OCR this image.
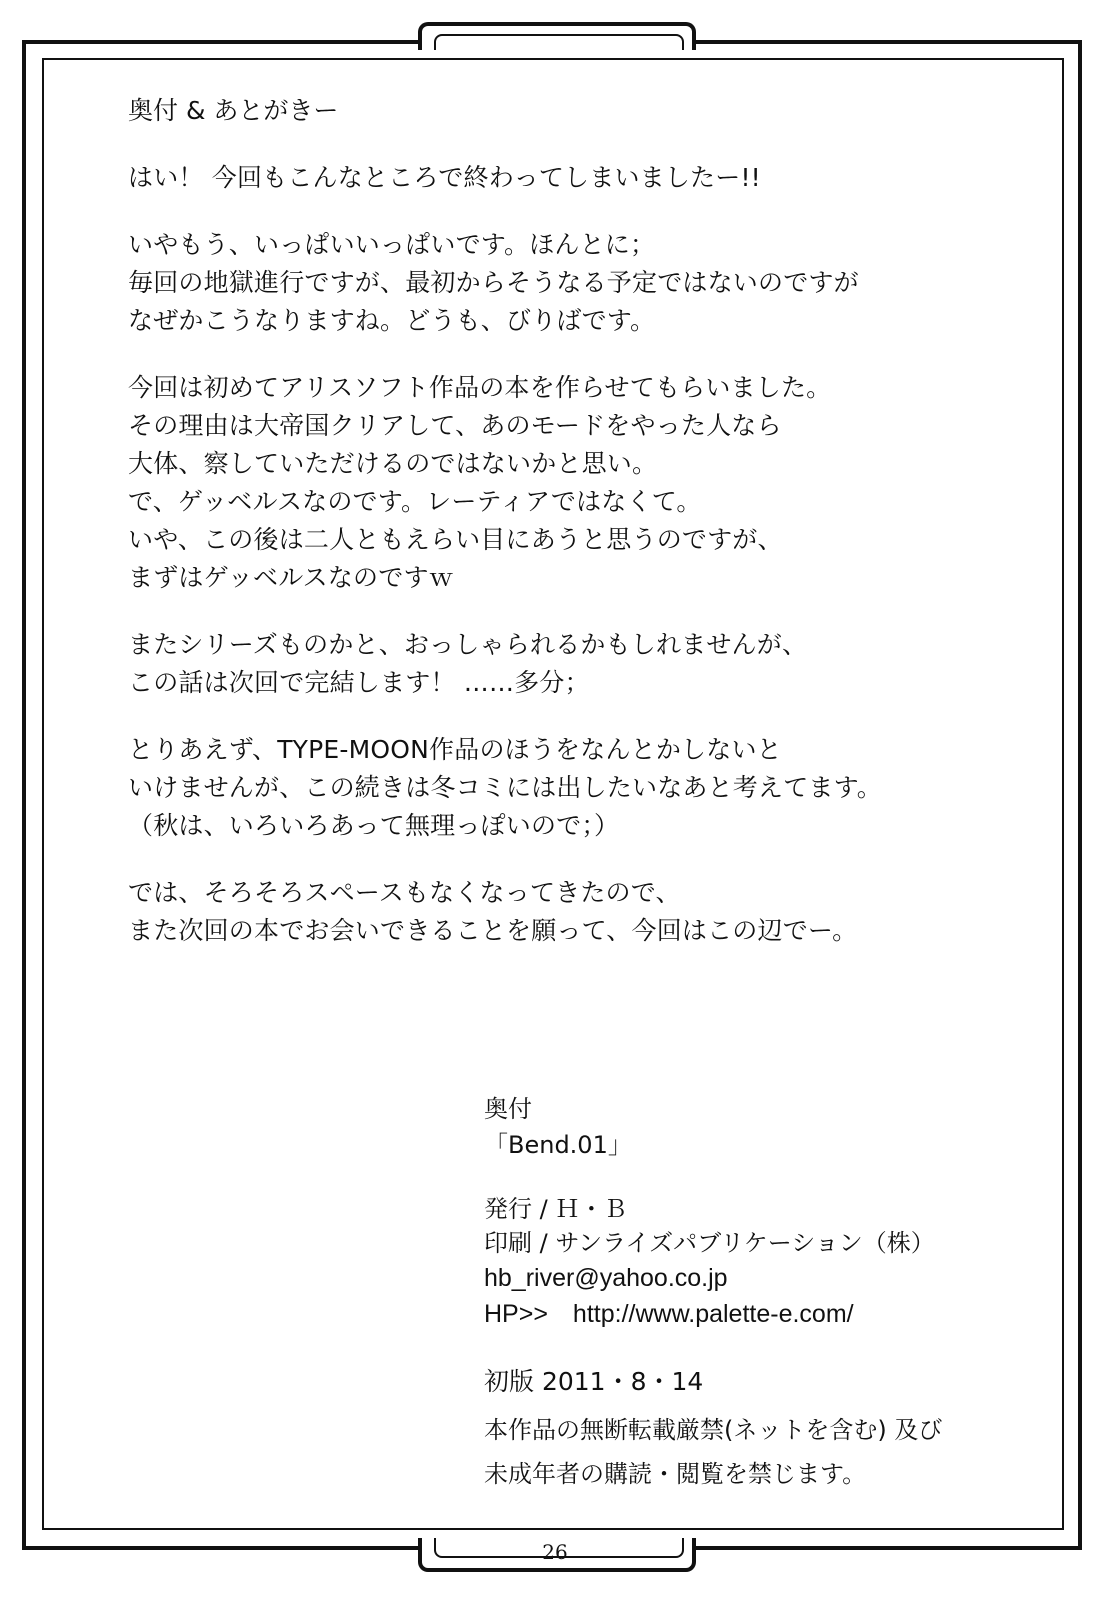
26
奥付 & あとがきー
はい！ 今回もこんなところで終わってしまいましたー!!
いやもう、いっぱいいっぱいです。ほんとに；
毎回の地獄進行ですが、最初からそうなる予定ではないのですが
なぜかこうなりますね。どうも、びりばです。
今回は初めてアリスソフト作品の本を作らせてもらいました。
その理由は大帝国クリアして、あのモードをやった人なら
大体、察していただけるのではないかと思い。
で、ゲッベルスなのです。レーティアではなくて。
いや、この後は二人ともえらい目にあうと思うのですが、
まずはゲッベルスなのですｗ
またシリーズものかと、おっしゃられるかもしれませんが、
この話は次回で完結します！ ……多分；
とりあえず、TYPE-MOON作品のほうをなんとかしないと
いけませんが、この続きは冬コミには出したいなあと考えてます。
（秋は、いろいろあって無理っぽいので；）
では、そろそろスペースもなくなってきたので、
また次回の本でお会いできることを願って、今回はこの辺でー。
奥付
「Bend.01」
発行 / Ｈ・Ｂ
印刷 / サンライズパブリケーション（株）
hb_river@yahoo.co.jp
HP>>　http://www.palette-e.com/
初版 2011・8・14
本作品の無断転載厳禁(ネットを含む) 及び
未成年者の購読・閲覧を禁じます。
